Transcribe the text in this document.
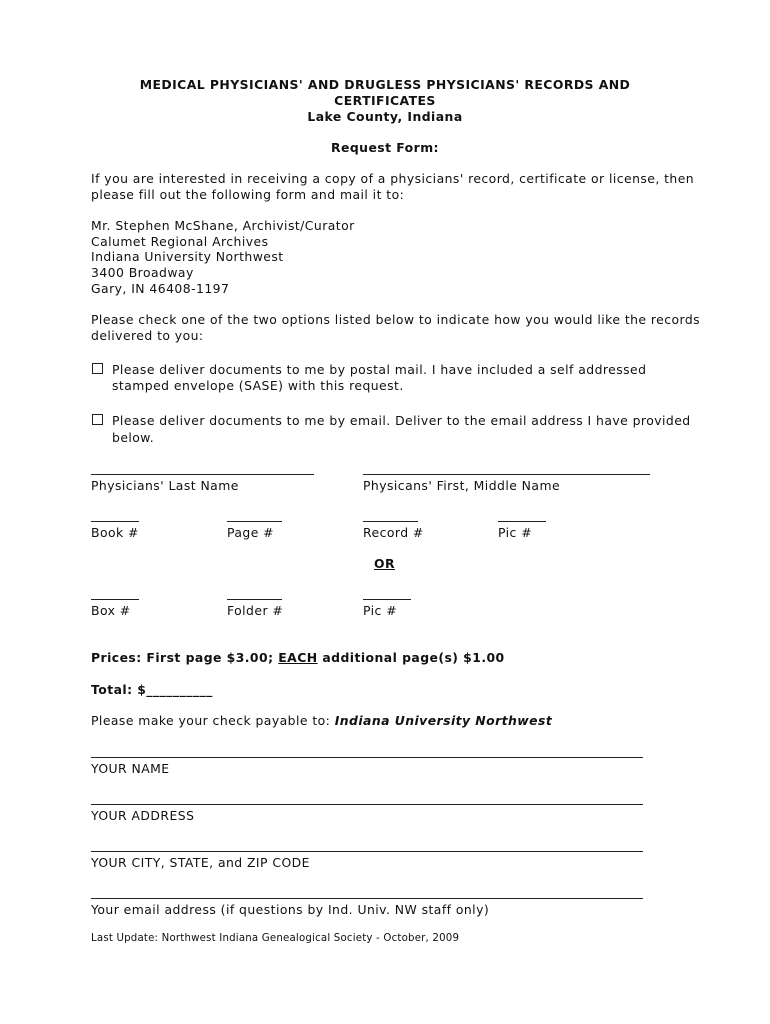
MEDICAL PHYSICIANS' AND DRUGLESS PHYSICIANS' RECORDS AND
CERTIFICATES
Lake County, Indiana
Request Form:
If you are interested in receiving a copy of a physicians' record, certificate or license, then
please fill out the following form and mail it to:
Mr. Stephen McShane, Archivist/Curator
Calumet Regional Archives
Indiana University Northwest
3400 Broadway
Gary, IN 46408-1197
Please check one of the two options listed below to indicate how you would like the records
delivered to you:
Please deliver documents to me by postal mail. I have included a self addressed
stamped envelope (SASE) with this request.
Please deliver documents to me by email. Deliver to the email address I have provided
below.
Physicians' Last Name	Physicans' First, Middle Name
Book #	Page #	Record #	Pic #
OR
Box #	Folder #	Pic #
Prices: First page $3.00; EACH additional page(s) $1.00
Total: $__________
Please make your check payable to: Indiana University Northwest
YOUR NAME
YOUR ADDRESS
YOUR CITY, STATE, and ZIP CODE
Your email address (if questions by Ind. Univ. NW staff only)
Last Update: Northwest Indiana Genealogical Society - October, 2009
